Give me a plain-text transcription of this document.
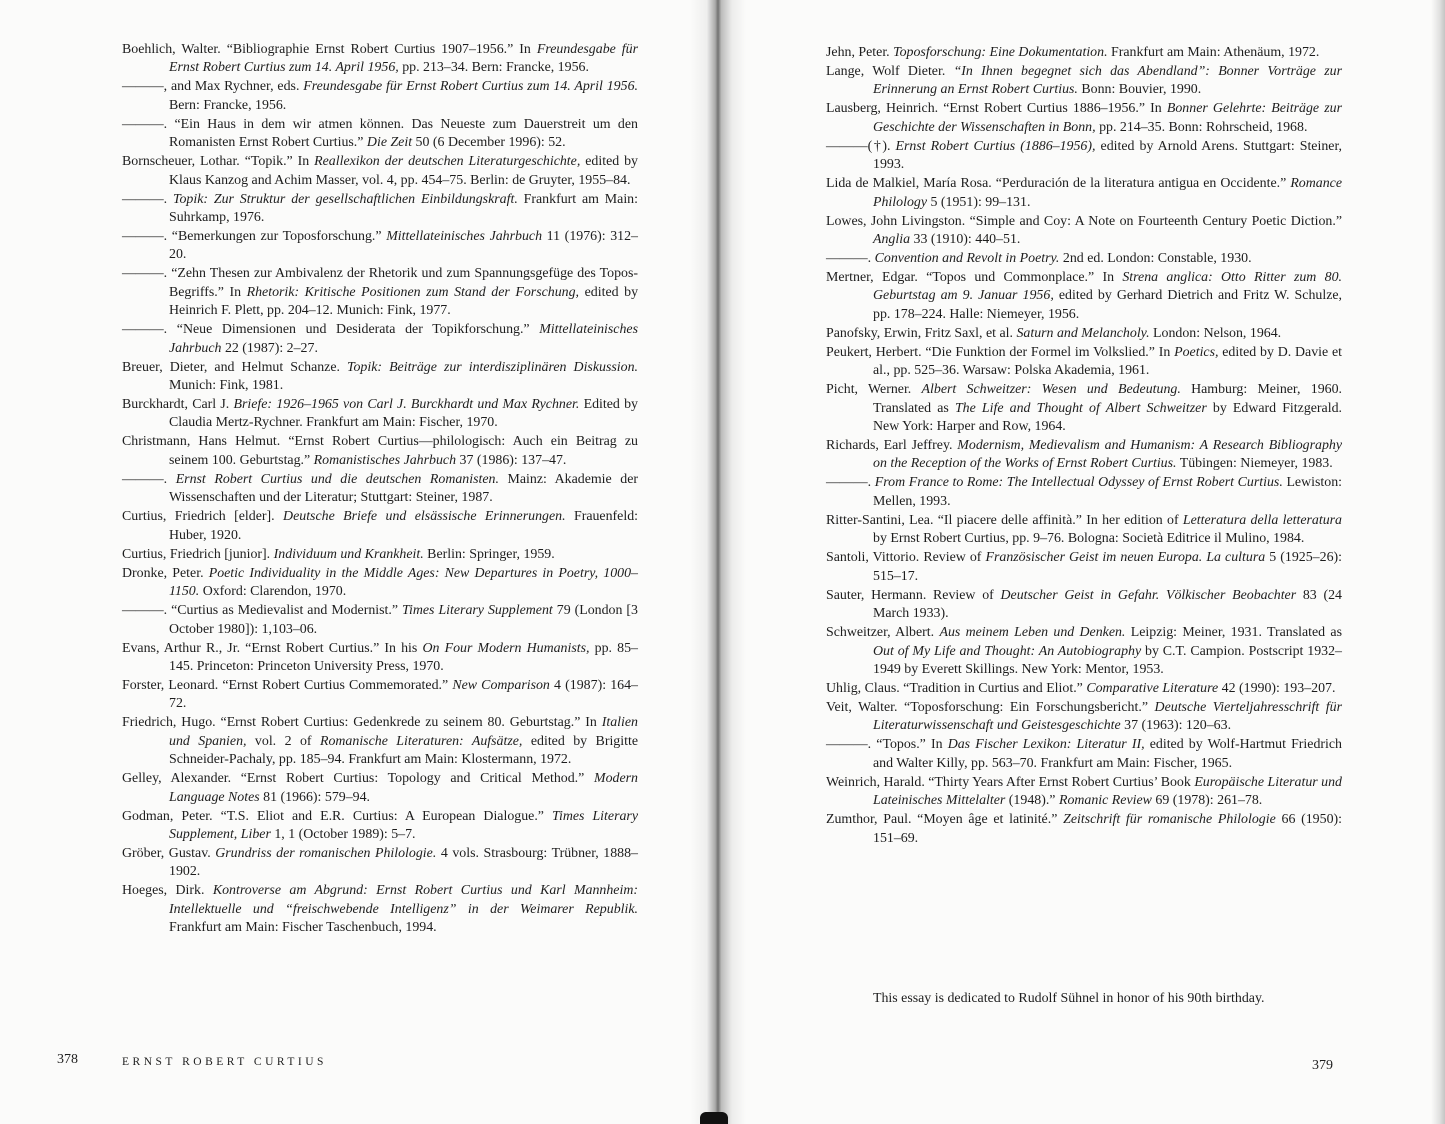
Boehlich, Walter. “Bibliographie Ernst Robert Curtius 1907–1956.” In Freundesgabe für Ernst Robert Curtius zum 14. April 1956, pp. 213–34. Bern: Francke, 1956.
———, and Max Rychner, eds. Freundesgabe für Ernst Robert Curtius zum 14. April 1956. Bern: Francke, 1956.
———. “Ein Haus in dem wir atmen können. Das Neueste zum Dauerstreit um den Romanisten Ernst Robert Curtius.” Die Zeit 50 (6 December 1996): 52.
Bornscheuer, Lothar. “Topik.” In Reallexikon der deutschen Literaturgeschichte, edited by Klaus Kanzog and Achim Masser, vol. 4, pp. 454–75. Berlin: de Gruyter, 1955–84.
———. Topik: Zur Struktur der gesellschaftlichen Einbildungskraft. Frankfurt am Main: Suhrkamp, 1976.
———. “Bemerkungen zur Toposforschung.” Mittellateinisches Jahrbuch 11 (1976): 312–20.
———. “Zehn Thesen zur Ambivalenz der Rhetorik und zum Spannungsgefüge des Topos-Begriffs.” In Rhetorik: Kritische Positionen zum Stand der Forschung, edited by Heinrich F. Plett, pp. 204–12. Munich: Fink, 1977.
———. “Neue Dimensionen und Desiderata der Topikforschung.” Mittellateinisches Jahrbuch 22 (1987): 2–27.
Breuer, Dieter, and Helmut Schanze. Topik: Beiträge zur interdisziplinären Diskussion. Munich: Fink, 1981.
Burckhardt, Carl J. Briefe: 1926–1965 von Carl J. Burckhardt und Max Rychner. Edited by Claudia Mertz-Rychner. Frankfurt am Main: Fischer, 1970.
Christmann, Hans Helmut. “Ernst Robert Curtius—philologisch: Auch ein Beitrag zu seinem 100. Geburtstag.” Romanistisches Jahrbuch 37 (1986): 137–47.
———. Ernst Robert Curtius und die deutschen Romanisten. Mainz: Akademie der Wissenschaften und der Literatur; Stuttgart: Steiner, 1987.
Curtius, Friedrich [elder]. Deutsche Briefe und elsässische Erinnerungen. Frauenfeld: Huber, 1920.
Curtius, Friedrich [junior]. Individuum und Krankheit. Berlin: Springer, 1959.
Dronke, Peter. Poetic Individuality in the Middle Ages: New Departures in Poetry, 1000–1150. Oxford: Clarendon, 1970.
———. “Curtius as Medievalist and Modernist.” Times Literary Supplement 79 (London [3 October 1980]): 1,103–06.
Evans, Arthur R., Jr. “Ernst Robert Curtius.” In his On Four Modern Humanists, pp. 85–145. Princeton: Princeton University Press, 1970.
Forster, Leonard. “Ernst Robert Curtius Commemorated.” New Comparison 4 (1987): 164–72.
Friedrich, Hugo. “Ernst Robert Curtius: Gedenkrede zu seinem 80. Geburtstag.” In Italien und Spanien, vol. 2 of Romanische Literaturen: Aufsätze, edited by Brigitte Schneider-Pachaly, pp. 185–94. Frankfurt am Main: Klostermann, 1972.
Gelley, Alexander. “Ernst Robert Curtius: Topology and Critical Method.” Modern Language Notes 81 (1966): 579–94.
Godman, Peter. “T.S. Eliot and E.R. Curtius: A European Dialogue.” Times Literary Supplement, Liber 1, 1 (October 1989): 5–7.
Gröber, Gustav. Grundriss der romanischen Philologie. 4 vols. Strasbourg: Trübner, 1888–1902.
Hoeges, Dirk. Kontroverse am Abgrund: Ernst Robert Curtius und Karl Mannheim: Intellektuelle und “freischwebende Intelligenz” in der Weimarer Republik. Frankfurt am Main: Fischer Taschenbuch, 1994.
Jehn, Peter. Toposforschung: Eine Dokumentation. Frankfurt am Main: Athenäum, 1972.
Lange, Wolf Dieter. “In Ihnen begegnet sich das Abendland”: Bonner Vorträge zur Erinnerung an Ernst Robert Curtius. Bonn: Bouvier, 1990.
Lausberg, Heinrich. “Ernst Robert Curtius 1886–1956.” In Bonner Gelehrte: Beiträge zur Geschichte der Wissenschaften in Bonn, pp. 214–35. Bonn: Rohrscheid, 1968.
———(†). Ernst Robert Curtius (1886–1956), edited by Arnold Arens. Stuttgart: Steiner, 1993.
Lida de Malkiel, María Rosa. “Perduración de la literatura antigua en Occidente.” Romance Philology 5 (1951): 99–131.
Lowes, John Livingston. “Simple and Coy: A Note on Fourteenth Century Poetic Diction.” Anglia 33 (1910): 440–51.
———. Convention and Revolt in Poetry. 2nd ed. London: Constable, 1930.
Mertner, Edgar. “Topos und Commonplace.” In Strena anglica: Otto Ritter zum 80. Geburtstag am 9. Januar 1956, edited by Gerhard Dietrich and Fritz W. Schulze, pp. 178–224. Halle: Niemeyer, 1956.
Panofsky, Erwin, Fritz Saxl, et al. Saturn and Melancholy. London: Nelson, 1964.
Peukert, Herbert. “Die Funktion der Formel im Volkslied.” In Poetics, edited by D. Davie et al., pp. 525–36. Warsaw: Polska Akademia, 1961.
Picht, Werner. Albert Schweitzer: Wesen und Bedeutung. Hamburg: Meiner, 1960. Translated as The Life and Thought of Albert Schweitzer by Edward Fitzgerald. New York: Harper and Row, 1964.
Richards, Earl Jeffrey. Modernism, Medievalism and Humanism: A Research Bibliography on the Reception of the Works of Ernst Robert Curtius. Tübingen: Niemeyer, 1983.
———. From France to Rome: The Intellectual Odyssey of Ernst Robert Curtius. Lewiston: Mellen, 1993.
Ritter-Santini, Lea. “Il piacere delle affinità.” In her edition of Letteratura della letteratura by Ernst Robert Curtius, pp. 9–76. Bologna: Società Editrice il Mulino, 1984.
Santoli, Vittorio. Review of Französischer Geist im neuen Europa. La cultura 5 (1925–26): 515–17.
Sauter, Hermann. Review of Deutscher Geist in Gefahr. Völkischer Beobachter 83 (24 March 1933).
Schweitzer, Albert. Aus meinem Leben und Denken. Leipzig: Meiner, 1931. Translated as Out of My Life and Thought: An Autobiography by C.T. Campion. Postscript 1932–1949 by Everett Skillings. New York: Mentor, 1953.
Uhlig, Claus. “Tradition in Curtius and Eliot.” Comparative Literature 42 (1990): 193–207.
Veit, Walter. “Toposforschung: Ein Forschungsbericht.” Deutsche Vierteljahresschrift für Literaturwissenschaft und Geistesgeschichte 37 (1963): 120–63.
———. “Topos.” In Das Fischer Lexikon: Literatur II, edited by Wolf-Hartmut Friedrich and Walter Killy, pp. 563–70. Frankfurt am Main: Fischer, 1965.
Weinrich, Harald. “Thirty Years After Ernst Robert Curtius’ Book Europäische Literatur und Lateinisches Mittelalter (1948).” Romanic Review 69 (1978): 261–78.
Zumthor, Paul. “Moyen âge et latinité.” Zeitschrift für romanische Philologie 66 (1950): 151–69.
This essay is dedicated to Rudolf Sühnel in honor of his 90th birthday.
378	ERNST ROBERT CURTIUS	379
